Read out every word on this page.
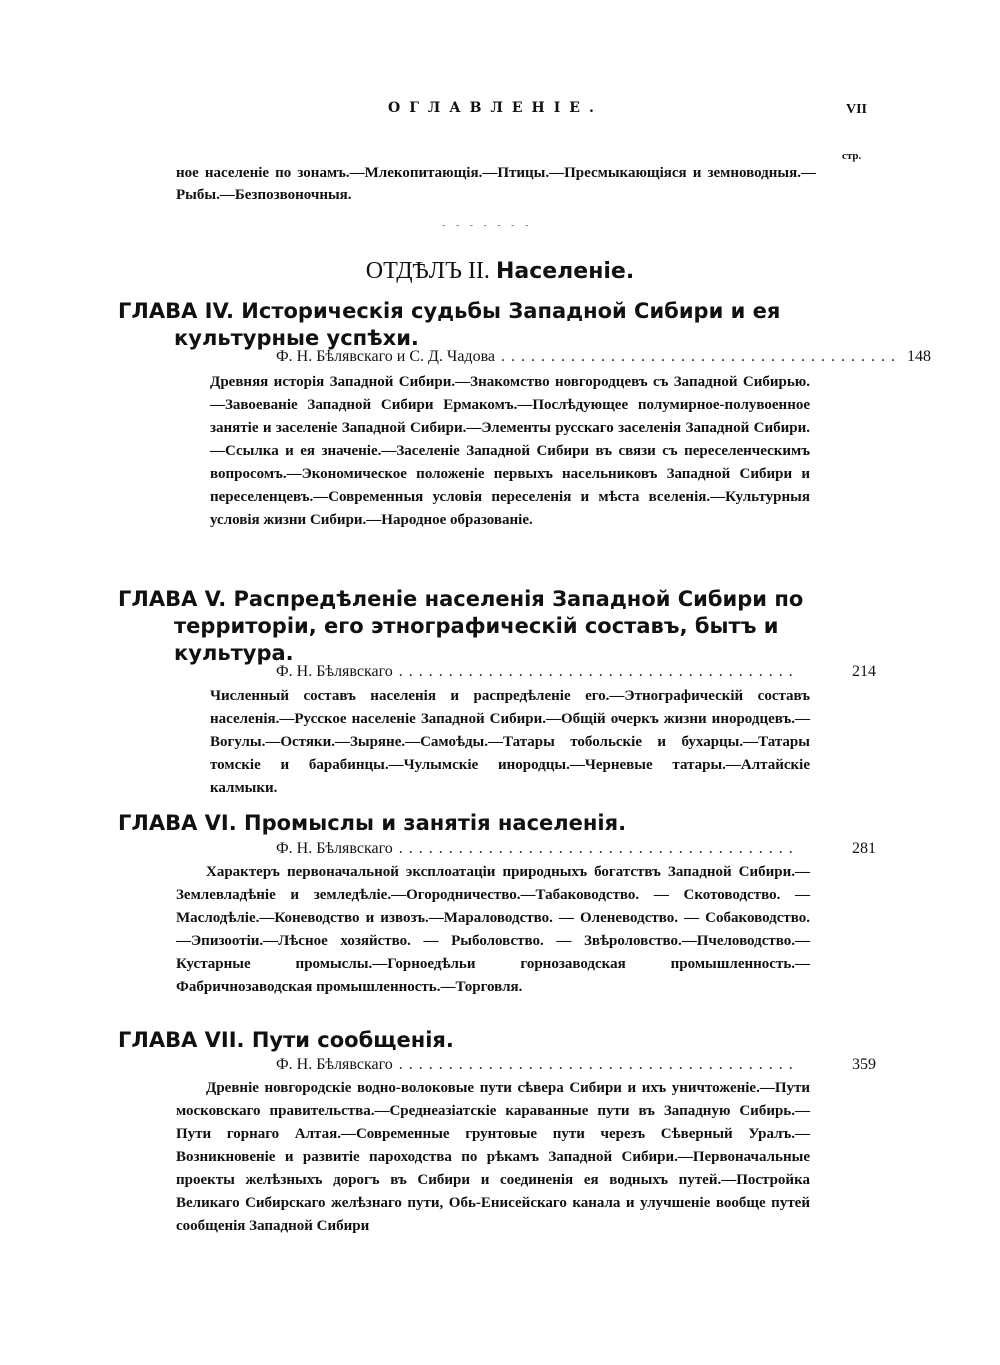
ОГЛАВЛЕНІЕ.	VII
стр.
ное населеніе по зонамъ.—Млекопитающія.—Птицы.—Пресмыкающіяся и земноводныя.—Рыбы.—Безпозвоночныя.
- - - - - - -
ОТДѢЛЪ II. Населеніе.
ГЛАВА IV. Историческія судьбы Западной Сибири и ея
культурные успѣхи.
Ф. Н. Бѣлявскаго и С. Д. Чадова ........................................ 148
Древняя исторія Западной Сибири.—Знакомство новгородцевъ съ Западной Сибирью.—Завоеваніе Западной Сибири Ермакомъ.—Послѣдующее полумирное-полувоенное занятіе и заселеніе Западной Сибири.—Элементы русскаго заселенія Западной Сибири.—Ссылка и ея значеніе.—Заселеніе Западной Сибири въ связи съ переселенческимъ вопросомъ.—Экономическое положеніе первыхъ насельниковъ Западной Сибири и переселенцевъ.—Современныя условія переселенія и мѣста вселенія.—Культурныя условія жизни Сибири.—Народное образованіе.
ГЛАВА V. Распредѣленіе населенія Западной Сибири по
территоріи, его этнографическій составъ, бытъ и культура.
Ф. Н. Бѣлявскаго ........................................	214
Численный составъ населенія и распредѣленіе его.—Этнографическій составъ населенія.—Русское населеніе Западной Сибири.—Общій очеркъ жизни инородцевъ.—Вогулы.—Остяки.—Зыряне.—Самоѣды.—Татары тобольскіе и бухарцы.—Татары томскіе и барабинцы.—Чулымскіе инородцы.—Черневые татары.—Алтайскіе калмыки.
ГЛАВА VI. Промыслы и занятія населенія.
Ф. Н. Бѣлявскаго ........................................	281
Характеръ первоначальной эксплоатаціи природныхъ богатствъ Западной Сибири.—Землевладѣніе и земледѣліе.—Огородничество.—Табаководство. — Скотоводство. — Маслодѣліе.—Коневодство и извозъ.—Мараловодство. — Оленеводство. — Собаководство.—Эпизоотіи.—Лѣсное хозяйство. — Рыболовство. — Звѣроловство.—Пчеловодство.—Кустарные промыслы.—Горноедѣльи горнозаводская промышленность.—Фабричнозаводская промышленность.—Торговля.
ГЛАВА VII. Пути сообщенія.
Ф. Н. Бѣлявскаго ........................................	359
Древніе новгородскіе водно-волоковые пути сѣвера Сибири и ихъ уничтоженіе.—Пути московскаго правительства.—Среднеазіатскіе караванные пути въ Западную Сибирь.—Пути горнаго Алтая.—Современные грунтовые пути черезъ Сѣверный Уралъ.—Возникновеніе и развитіе пароходства по рѣкамъ Западной Сибири.—Первоначальные проекты желѣзныхъ дорогъ въ Сибири и соединенія ея водныхъ путей.—Постройка Великаго Сибирскаго желѣзнаго пути, Обь-Енисейскаго канала и улучшеніе вообще путей сообщенія Западной Сибири
